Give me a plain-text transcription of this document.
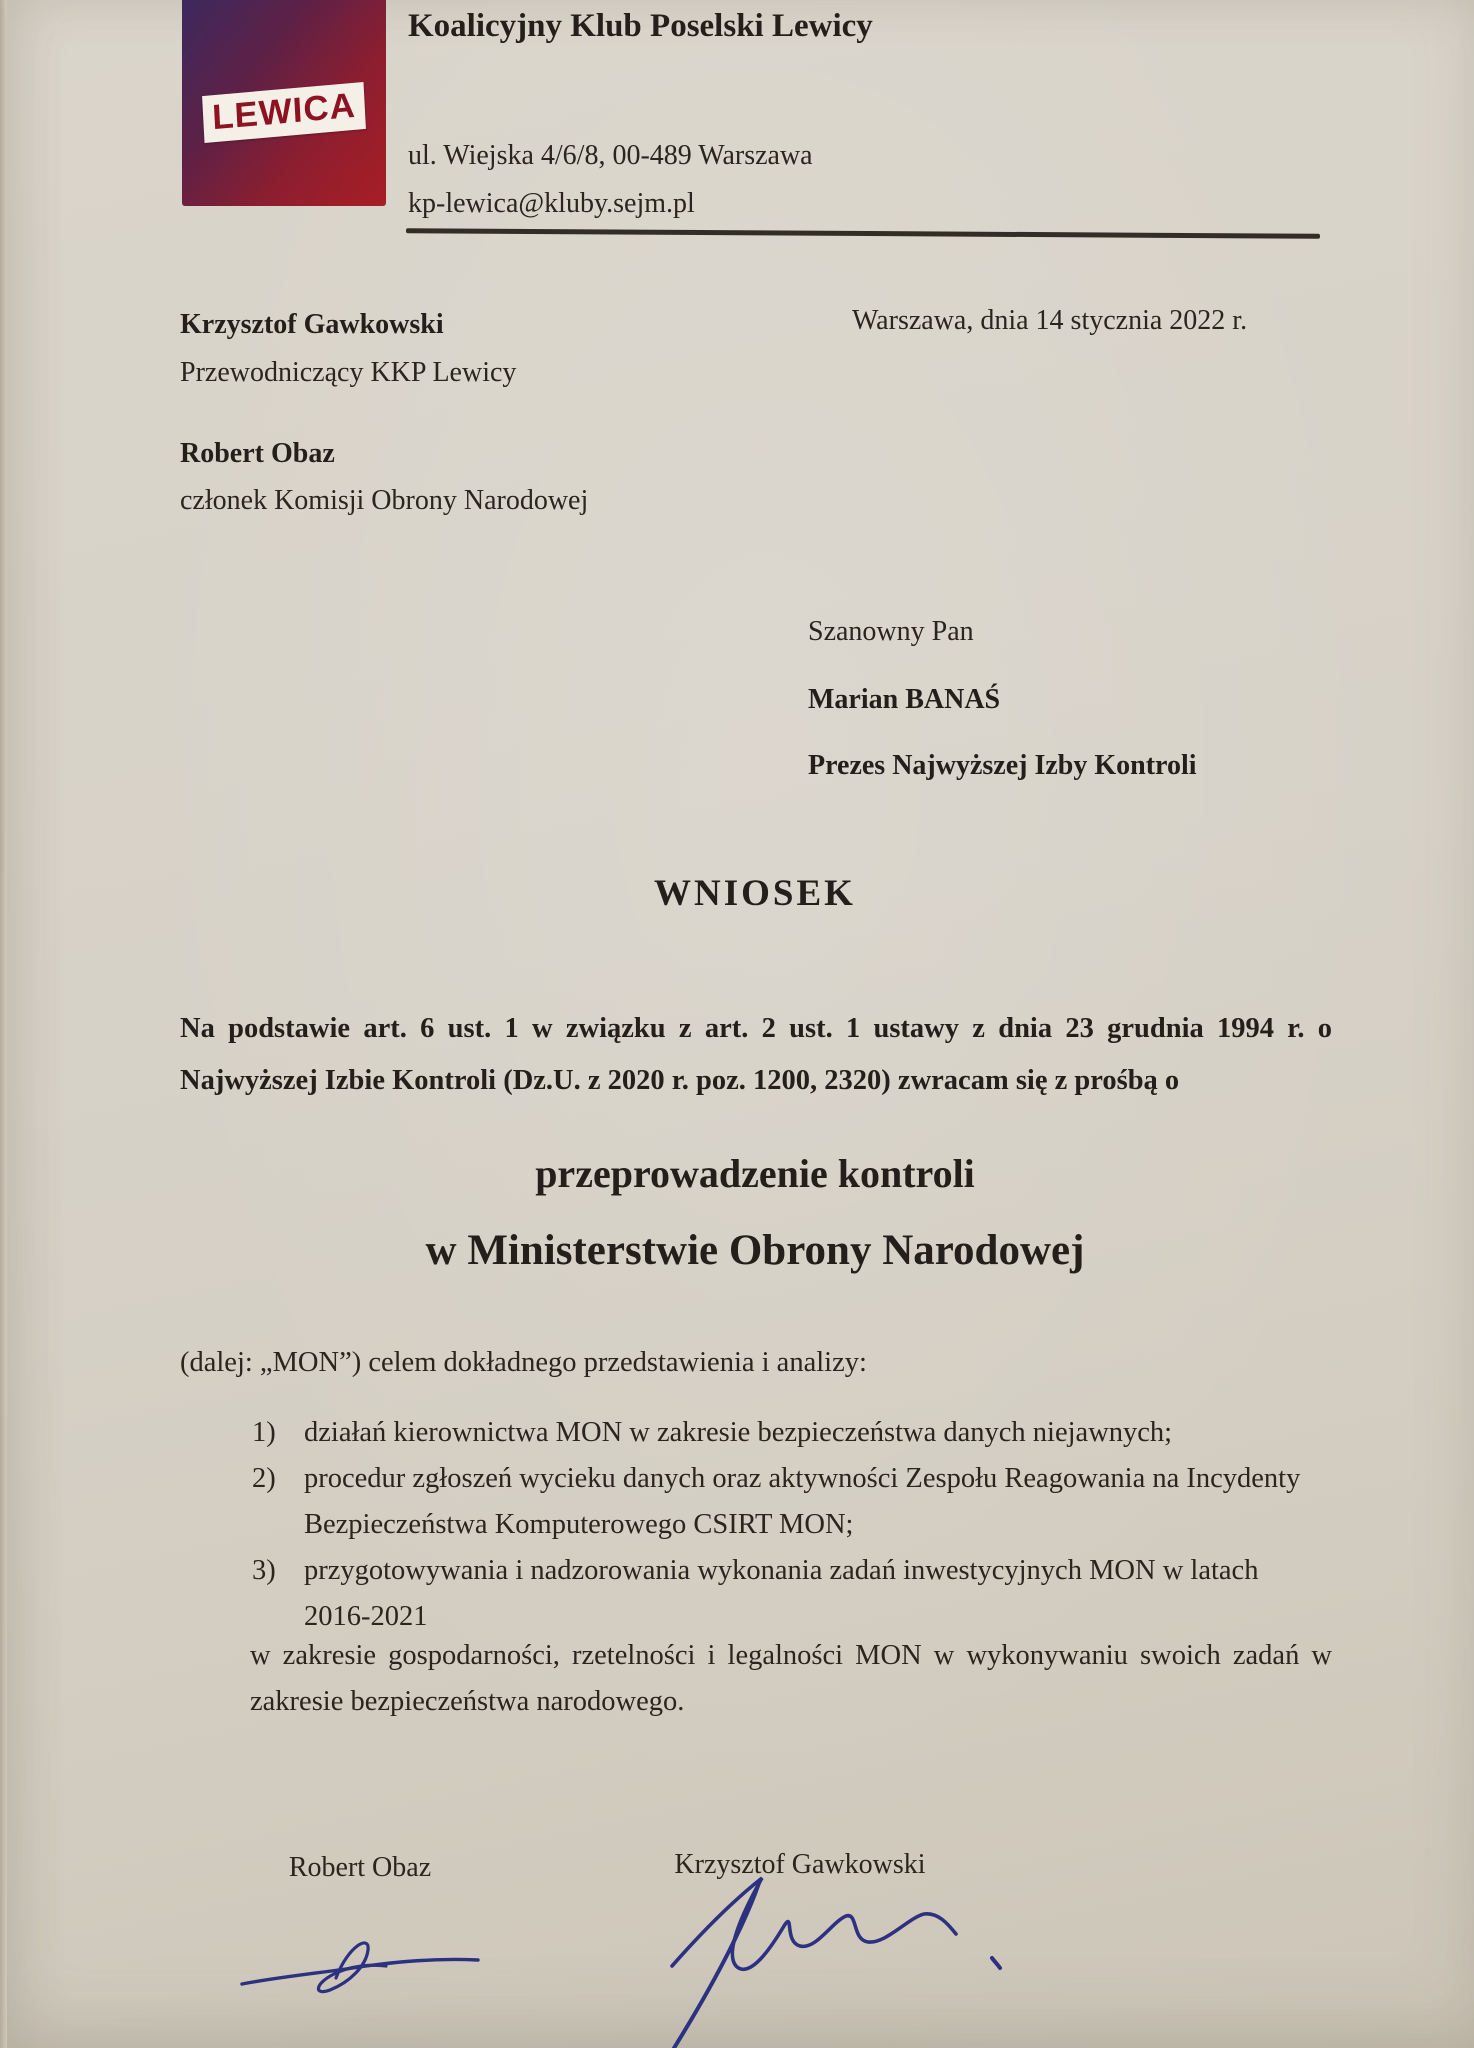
LEWICA
Koalicyjny Klub Poselski Lewicy
ul. Wiejska 4/6/8, 00-489 Warszawa
kp-lewica@kluby.sejm.pl
Warszawa, dnia 14 stycznia 2022 r.
Krzysztof Gawkowski
Przewodniczący KKP Lewicy
Robert Obaz
członek Komisji Obrony Narodowej
Szanowny Pan
Marian BANAŚ
Prezes Najwyższej Izby Kontroli
WNIOSEK
Na podstawie art. 6 ust. 1 w związku z art. 2 ust. 1 ustawy z dnia 23 grudnia 1994 r. o Najwyższej Izbie Kontroli (Dz.U. z 2020 r. poz. 1200, 2320) zwracam się z prośbą o
przeprowadzenie kontroli
w Ministerstwie Obrony Narodowej
(dalej: „MON”) celem dokładnego przedstawienia i analizy:
1) działań kierownictwa MON w zakresie bezpieczeństwa danych niejawnych;
2) procedur zgłoszeń wycieku danych oraz aktywności Zespołu Reagowania na Incydenty Bezpieczeństwa Komputerowego CSIRT MON;
3) przygotowywania i nadzorowania wykonania zadań inwestycyjnych MON w latach 2016-2021
w zakresie gospodarności, rzetelności i legalności MON w wykonywaniu swoich zadań w zakresie bezpieczeństwa narodowego.
Robert Obaz	Krzysztof Gawkowski
